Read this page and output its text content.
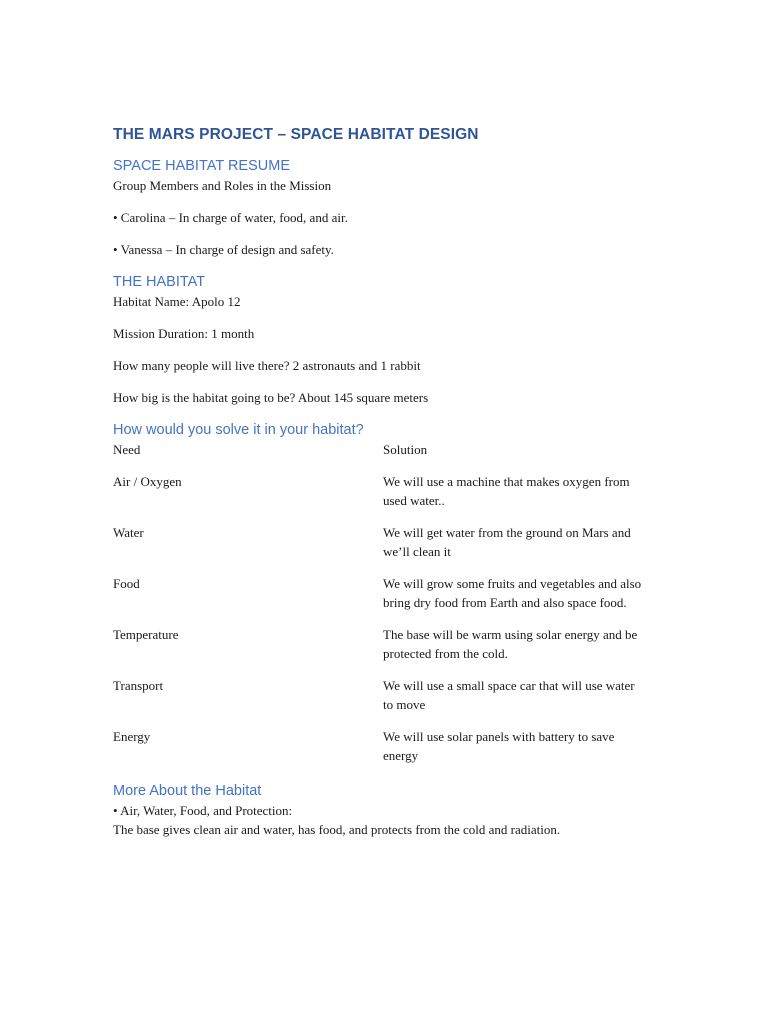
THE MARS PROJECT – SPACE HABITAT DESIGN
SPACE HABITAT RESUME

Group Members and Roles in the Mission

• Carolina – In charge of water, food, and air.

• Vanessa – In charge of design and safety.

THE HABITAT

Habitat Name: Apolo 12

Mission Duration: 1 month

How many people will live there? 2 astronauts and 1 rabbit

How big is the habitat going to be? About 145 square meters

How would you solve it in your habitat?
Need	Solution
Air / Oxygen	We will use a machine that makes oxygen from used water..
Water	We will get water from the ground on Mars and we’ll clean it
Food	We will grow some fruits and vegetables and also bring dry food from Earth and also space food.
Temperature	The base will be warm using solar energy and be protected from the cold.
Transport	We will use a small space car that will use water to move
Energy	We will use solar panels with battery to save energy
More About the Habitat

• Air, Water, Food, and Protection:

The base gives clean air and water, has food, and protects from the cold and radiation.
